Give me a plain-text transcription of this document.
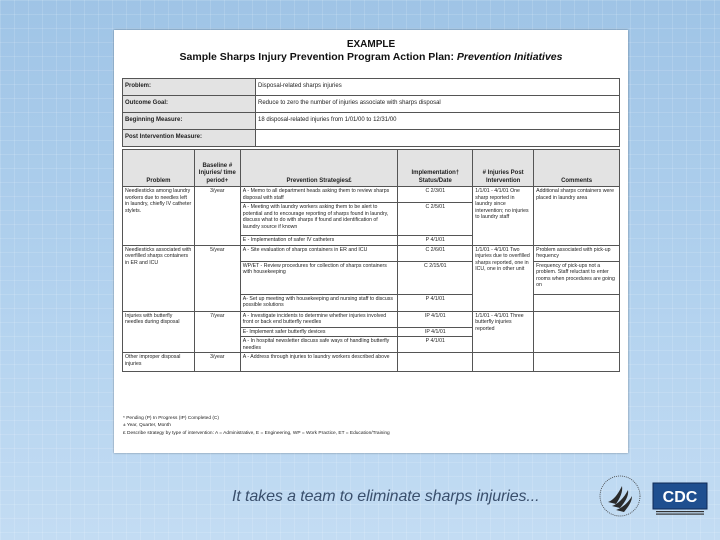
EXAMPLE
Sample Sharps Injury Prevention Program Action Plan: Prevention Initiatives
Problem:	Disposal-related sharps injuries
Outcome Goal:	Reduce to zero the number of injuries associate with sharps disposal
Beginning Measure:	18 disposal-related injuries from 1/01/00 to 12/31/00
Post Intervention Measure:	
Problem	Baseline # Injuries/ time period+	Prevention Strategies£	Implementation† Status/Date	# Injuries Post Intervention	Comments
Needlesticks among laundry workers due to needles left in laundry, chiefly IV catheter stylets.	3/year	A - Memo to all department heads asking them to review sharps disposal with staff	C 2/3/01	1/1/01 - 4/1/01 One sharp reported in laundry since intervention; no injuries to laundry staff	Additional sharps containers were placed in laundry area
		A - Meeting with laundry workers asking them to be alert to potential and to encourage reporting of sharps found in laundry, discuss what to do with sharps if found and identification of laundry source if known	C 2/5/01		
		E - Implementation of safer IV catheters	P 4/1/01		
Needlesticks associated with overfilled sharps containers in ER and ICU	5/year	A - Site evaluation of sharps containers in ER and ICU	C 2/6/01	1/1/01 - 4/1/01 Two injuries due to overfilled sharps reported, one in ICU, one in other unit	Problem associated with pick-up frequency
		WP/ET - Review procedures for collection of sharps containers with housekeeping	C 2/15/01		Frequency of pick-ups not a problem. Staff reluctant to enter rooms when procedures are going on
		A- Set up meeting with housekeeping and nursing staff to discuss possible solutions	P 4/1/01		
Injuries with butterfly needles during disposal	7/year	A - Investigate incidents to determine whether injuries involved front or back end butterfly needles	IP 4/1/01	1/1/01 - 4/1/01 Three butterfly injuries reported	
		E- Implement safer butterfly devices	IP 4/1/01		
		A - In hospital newsletter discuss safe ways of handling butterfly needles	P 4/1/01		
Other improper disposal injuries	3/year	A - Address through injuries to laundry workers described above			
* Pending (P) In Progress (IP) Completed (C)
± Year, Quarter, Month
£ Describe strategy by type of intervention: A = Administrative, E = Engineering, WP = Work Practice, ET = Education/Training
It takes a team to eliminate sharps injuries...	CDC
